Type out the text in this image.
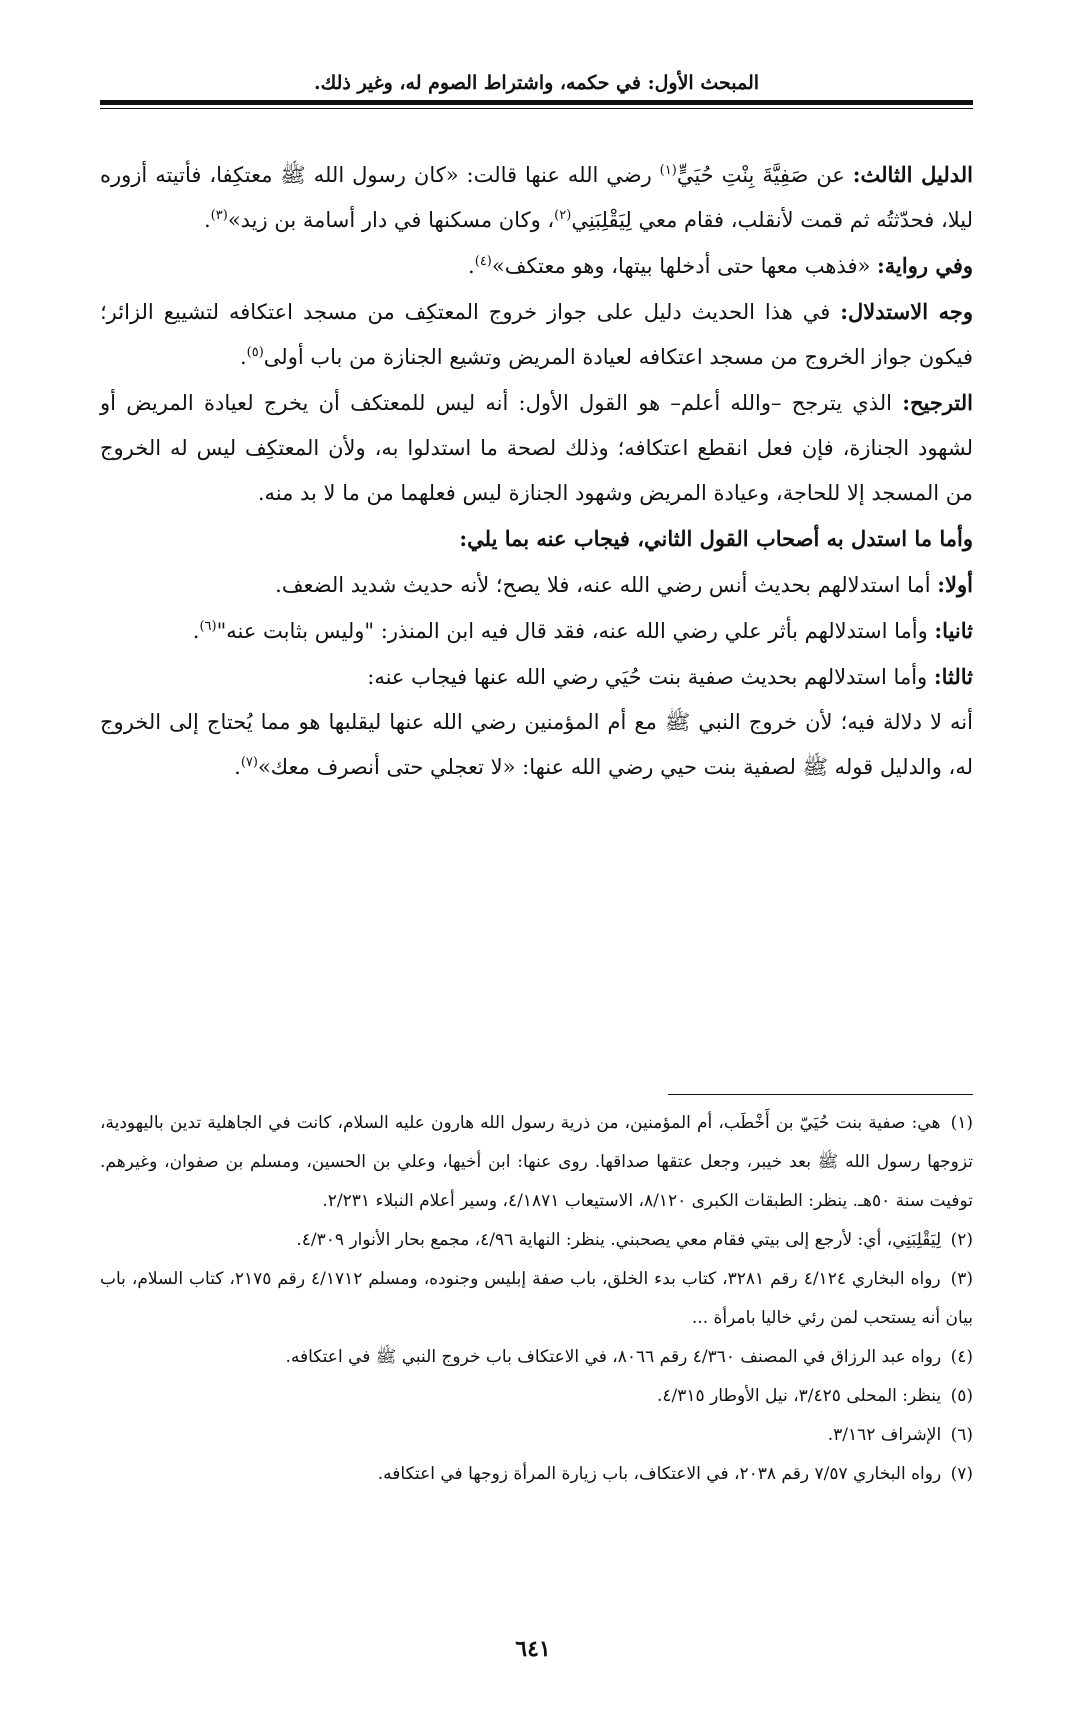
المبحث الأول: في حكمه، واشتراط الصوم له، وغير ذلك.

الدليل الثالث: عن صَفِيَّةَ بِنْتِ حُيَيٍّ$^{(١)}$ رضي الله عنها قالت: «كان رسول الله ﷺ معتكِفا، فأتيته أزوره ليلا، فحدّثتُه ثم قمت لأنقلب، فقام معي لِيَقْلِبَنِي$^{(٢)}$، وكان مسكنها في دار أسامة بن زيد»$^{(٣)}$.

وفي رواية: «فذهب معها حتى أدخلها بيتها، وهو معتكف»$^{(٤)}$.

وجه الاستدلال: في هذا الحديث دليل على جواز خروج المعتكِف من مسجد اعتكافه لتشييع الزائر؛ فيكون جواز الخروج من مسجد اعتكافه لعيادة المريض وتشيع الجنازة من باب أولى$^{(٥)}$.

الترجيح: الذي يترجح –والله أعلم– هو القول الأول: أنه ليس للمعتكف أن يخرج لعيادة المريض أو لشهود الجنازة، فإن فعل انقطع اعتكافه؛ وذلك لصحة ما استدلوا به، ولأن المعتكِف ليس له الخروج من المسجد إلا للحاجة، وعيادة المريض وشهود الجنازة ليس فعلهما من ما لا بد منه.

وأما ما استدل به أصحاب القول الثاني، فيجاب عنه بما يلي:

أولا: أما استدلالهم بحديث أنس رضي الله عنه، فلا يصح؛ لأنه حديث شديد الضعف.

ثانيا: وأما استدلالهم بأثر علي رضي الله عنه، فقد قال فيه ابن المنذر: "وليس بثابت عنه"$^{(٦)}$.

ثالثا: وأما استدلالهم بحديث صفية بنت حُيَي رضي الله عنها فيجاب عنه:

أنه لا دلالة فيه؛ لأن خروج النبي ﷺ مع أم المؤمنين رضي الله عنها ليقلبها هو مما يُحتاج إلى الخروج له، والدليل قوله ﷺ لصفية بنت حيي رضي الله عنها: «لا تعجلي حتى أنصرف معك»$^{(٧)}$.

(١) هي: صفية بنت حُيَيّ بن أَخْطَب، أم المؤمنين، من ذرية رسول الله هارون عليه السلام، كانت في الجاهلية تدين باليهودية، تزوجها رسول الله ﷺ بعد خيبر، وجعل عتقها صداقها. روى عنها: ابن أخيها، وعلي بن الحسين، ومسلم بن صفوان، وغيرهم. توفيت سنة ٥٠هـ. ينظر: الطبقات الكبرى ٨/١٢٠، الاستيعاب ٤/١٨٧١، وسير أعلام النبلاء ٢/٢٣١.

(٢) لِيَقْلِبَنِي، أي: لأرجع إلى بيتي فقام معي يصحبني. ينظر: النهاية ٤/٩٦، مجمع بحار الأنوار ٤/٣٠٩.

(٣) رواه البخاري ٤/١٢٤ رقم ٣٢٨١، كتاب بدء الخلق، باب صفة إبليس وجنوده، ومسلم ٤/١٧١٢ رقم ٢١٧٥، كتاب السلام، باب بيان أنه يستحب لمن رئي خاليا بامرأة ...

(٤) رواه عبد الرزاق في المصنف ٤/٣٦٠ رقم ٨٠٦٦، في الاعتكاف باب خروج النبي ﷺ في اعتكافه.

(٥) ينظر: المحلى ٣/٤٢٥، نيل الأوطار ٤/٣١٥.

(٦) الإشراف ٣/١٦٢.

(٧) رواه البخاري ٧/٥٧ رقم ٢٠٣٨، في الاعتكاف، باب زيارة المرأة زوجها في اعتكافه.

٦٤١
